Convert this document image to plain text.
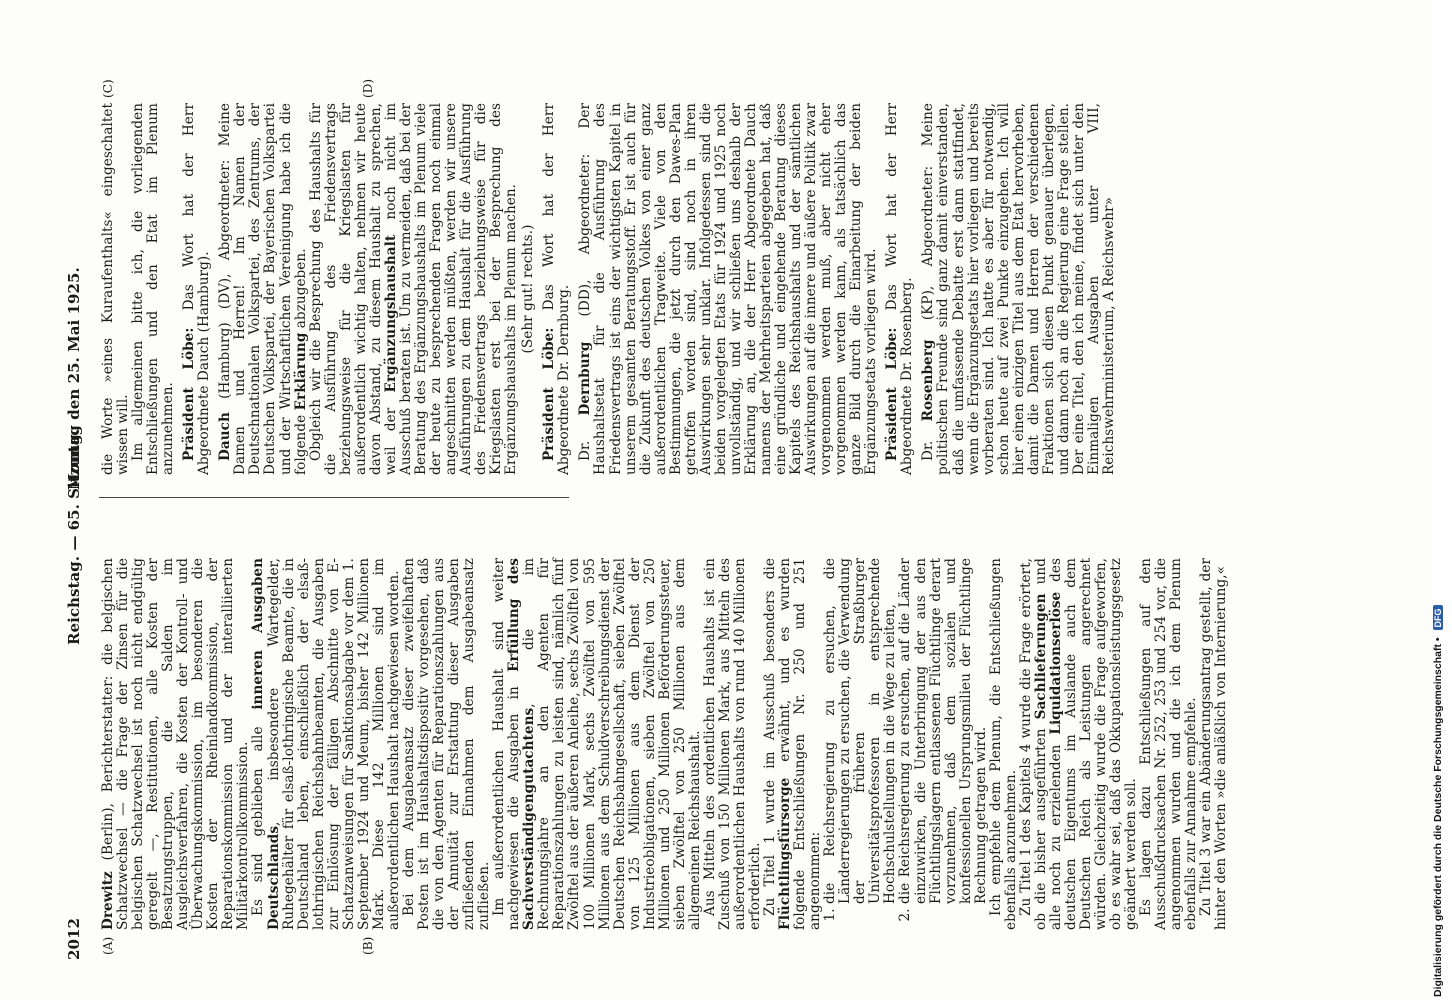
2012
Reichstag. — 65. Sitzung.
Montag den 25. Mai 1925.
(A)	(B)
(C)	(D)

Drewitz (Berlin), Berichterstatter: die belgischen Schatzwechsel — die Frage der Zinsen für die belgischen Schatzwechsel ist noch nicht endgültig geregelt —, Restitutionen, alle Kosten der Besatzungstruppen, die Salden im Ausgleichsverfahren, die Kosten der Kontroll- und Überwachungskommission, im besonderen die Kosten der Rheinlandkommission, der Reparationskommission und der interalliierten Militärkontrollkommission. Es sind geblieben alle inneren Ausgaben Deutschlands, insbesondere Wartegelder, Ruhegehälter für elsaß-lothringische Beamte, die in Deutschland leben, einschließlich der elsaß-lothringischen Reichsbahnbeamten, die Ausgaben zur Einlösung der fälligen Abschnitte von E-Schatzanweisungen für Sanktionsabgabe vor dem 1. September 1924 und Meum, bisher 142 Millionen Mark. Diese 142 Millionen sind im außerordentlichen Haushalt nachgewiesen worden. Bei dem Ausgabeansatz dieser zweifelhaften Posten ist im Haushaltsdispositiv vorgesehen, daß die von den Agenten für Reparationszahlungen aus der Annuität zur Erstattung dieser Ausgaben zufließenden Einnahmen dem Ausgabeansatz zufließen. Im außerordentlichen Haushalt sind weiter nachgewiesen die Ausgaben in Erfüllung des Sachverständigengutachtens, die im Rechnungsjahre an den Agenten für Reparationszahlungen zu leisten sind, nämlich fünf Zwölftel aus der äußeren Anleihe, sechs Zwölftel von 100 Millionen Mark, sechs Zwölftel von 595 Millionen aus dem Schuldverschreibungsdienst der Deutschen Reichsbahngesellschaft, sieben Zwölftel von 125 Millionen aus dem Dienst der Industrieobligationen, sieben Zwölftel von 250 Millionen und 250 Millionen Beförderungssteuer, sieben Zwölftel von 250 Millionen aus dem allgemeinen Reichshaushalt. Aus Mitteln des ordentlichen Haushalts ist ein Zuschuß von 150 Millionen Mark, aus Mitteln des außerordentlichen Haushalts von rund 140 Millionen erforderlich. Zu Titel 1 wurde im Ausschuß besonders die Flüchtlingsfürsorge erwähnt, und es wurden folgende Entschließungen Nr. 250 und 251 angenommen: 1. die Reichsregierung zu ersuchen, die Länderregierungen zu ersuchen, die Verwendung der früheren Straßburger Universitätsprofessoren in entsprechende Hochschulstellungen in die Wege zu leiten, 2. die Reichsregierung zu ersuchen, auf die Länder einzuwirken, die Unterbringung der aus den Flüchtlingslagern entlassenen Flüchtlinge derart vorzunehmen, daß dem sozialen und konfessionellen Ursprungsmilieu der Flüchtlinge Rechnung getragen wird. Ich empfehle dem Plenum, die Entschließungen ebenfalls anzunehmen. Zu Titel 1 des Kapitels 4 wurde die Frage erörtert, ob die bisher ausgeführten Sachlieferungen und alle noch zu erzielenden Liquidationserlöse des deutschen Eigentums im Auslande auch dem Deutschen Reich als Leistungen angerechnet würden. Gleichzeitig wurde die Frage aufgeworfen, ob es wahr sei, daß das Okkupationsleistungsgesetz geändert werden soll. Es lagen dazu Entschließungen auf den Ausschußdrucksachen Nr. 252, 253 und 254 vor, die angenommen wurden und die ich dem Plenum ebenfalls zur Annahme empfehle. Zu Titel 3 war ein Abänderungsantrag gestellt, der hinter den Worten »die anläßlich von Internierung,«

die Worte »eines Kuraufenthalts« eingeschaltet wissen will. Im allgemeinen bitte ich, die vorliegenden Entschließungen und den Etat im Plenum anzunehmen. Präsident Löbe: Das Wort hat der Herr Abgeordnete Dauch (Hamburg). Dauch (Hamburg) (DV), Abgeordneter: Meine Damen und Herren! Im Namen der Deutschnationalen Volkspartei, des Zentrums, der Deutschen Volkspartei, der Bayerischen Volkspartei und der Wirtschaftlichen Vereinigung habe ich die folgende Erklärung abzugeben. Obgleich wir die Besprechung des Haushalts für die Ausführung des Friedensvertrags beziehungsweise für die Kriegslasten für außerordentlich wichtig halten, nehmen wir heute davon Abstand, zu diesem Haushalt zu sprechen, weil der Ergänzungshaushalt noch nicht im Ausschuß beraten ist. Um zu vermeiden, daß bei der Beratung des Ergänzungshaushalts im Plenum viele der heute zu besprechenden Fragen noch einmal angeschnitten werden müßten, werden wir unsere Ausführungen zu dem Haushalt für die Ausführung des Friedensvertrags beziehungsweise für die Kriegslasten erst bei der Besprechung des Ergänzungshaushalts im Plenum machen. (Sehr gut! rechts.)

Präsident Löbe: Das Wort hat der Herr Abgeordnete Dr. Dernburg. Dr. Dernburg (DD), Abgeordneter: Der Haushaltsetat für die Ausführung des Friedensvertrags ist eins der wichtigsten Kapitel in unserem gesamten Beratungsstoff. Er ist auch für die Zukunft des deutschen Volkes von einer ganz außerordentlichen Tragweite. Viele von den Bestimmungen, die jetzt durch den Dawes-Plan getroffen worden sind, sind noch in ihren Auswirkungen sehr unklar. Infolgedessen sind die beiden vorgelegten Etats für 1924 und 1925 noch unvollständig, und wir schließen uns deshalb der Erklärung an, die der Herr Abgeordnete Dauch namens der Mehrheitsparteien abgegeben hat, daß eine gründliche und eingehende Beratung dieses Kapitels des Reichshaushalts und der sämtlichen Auswirkungen auf die innere und äußere Politik zwar vorgenommen werden muß, aber nicht eher vorgenommen werden kann, als tatsächlich das ganze Bild durch die Einarbeitung der beiden Ergänzungsetats vorliegen wird. Präsident Löbe: Das Wort hat der Herr Abgeordnete Dr. Rosenberg. Dr. Rosenberg (KP), Abgeordneter: Meine politischen Freunde sind ganz damit einverstanden, daß die umfassende Debatte erst dann stattfindet, wenn die Ergänzungsetats hier vorliegen und bereits vorberaten sind. Ich hatte es aber für notwendig, schon heute auf zwei Punkte einzugehen. Ich will hier einen einzigen Titel aus dem Etat hervorheben, damit die Damen und Herren der verschiedenen Fraktionen sich diesen Punkt genauer überlegen, und dann noch an die Regierung eine Frage stellen. Der eine Titel, den ich meine, findet sich unter den Einmaligen Ausgaben unter VIII, Reichswehrministerium, A Reichswehr»

Digitalisierung gefördert durch die Deutsche Forschungsgemeinschaft • DFG
